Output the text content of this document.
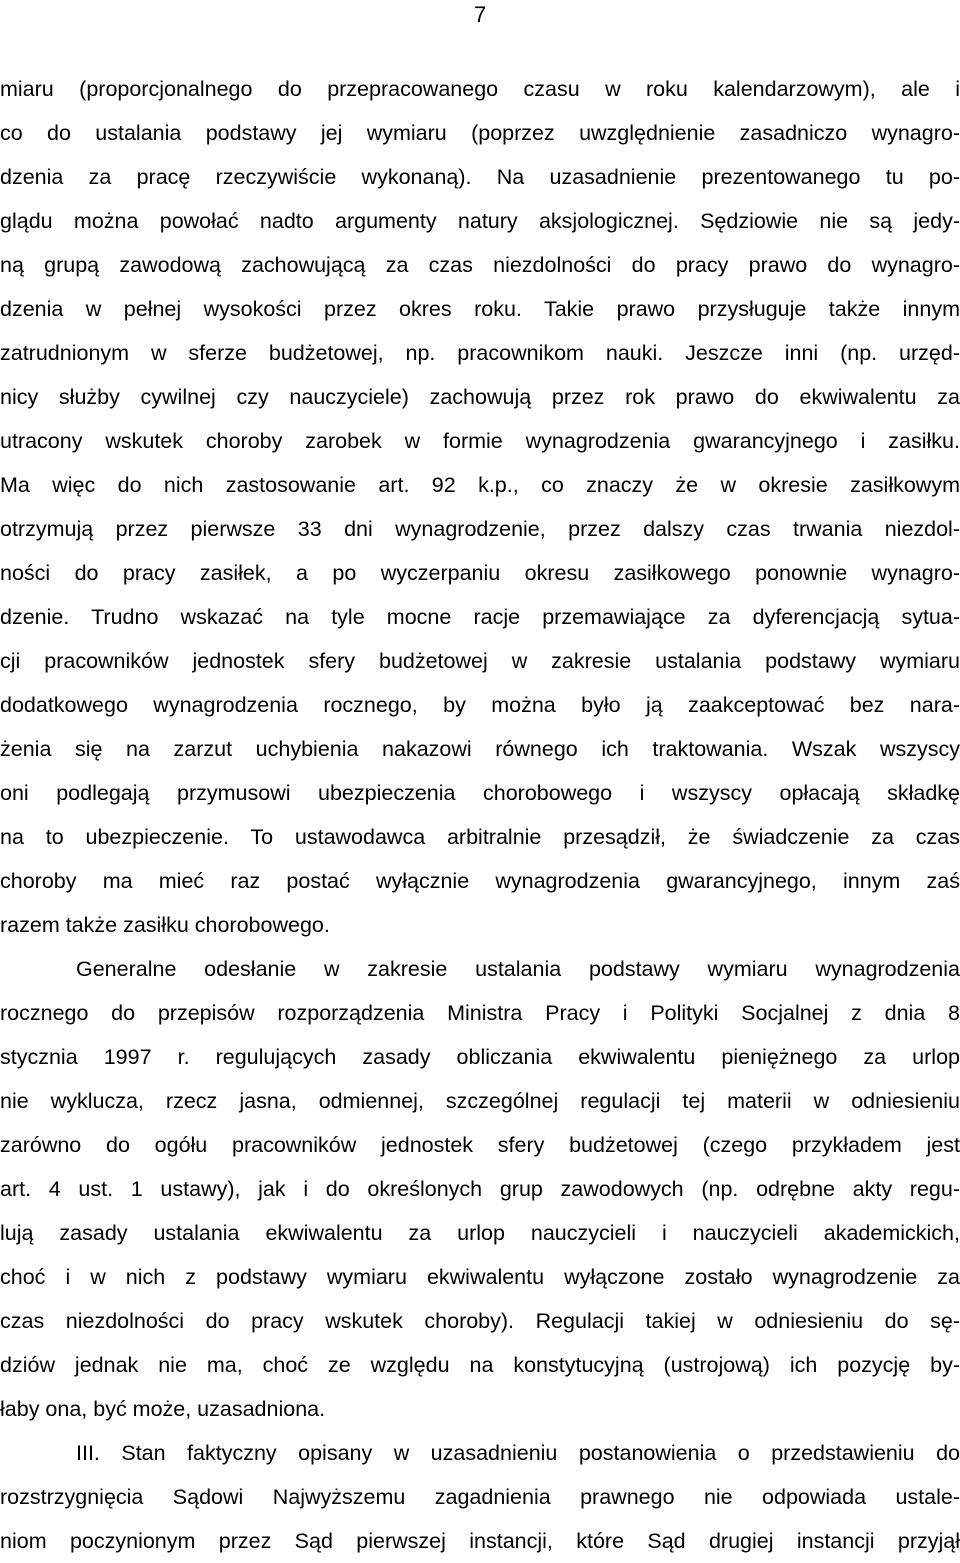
7
miaru (proporcjonalnego do przepracowanego czasu w roku kalendarzowym), ale i
co do ustalania podstawy jej wymiaru (poprzez uwzględnienie zasadniczo wynagro-
dzenia za pracę rzeczywiście wykonaną). Na uzasadnienie prezentowanego tu po-
glądu można powołać nadto argumenty natury aksjologicznej. Sędziowie nie są jedy-
ną grupą zawodową zachowującą za czas niezdolności do pracy prawo do wynagro-
dzenia w pełnej wysokości przez okres roku. Takie prawo przysługuje także innym
zatrudnionym w sferze budżetowej, np. pracownikom nauki. Jeszcze inni (np. urzęd-
nicy służby cywilnej czy nauczyciele) zachowują przez rok prawo do ekwiwalentu za
utracony wskutek choroby zarobek w formie wynagrodzenia gwarancyjnego i zasiłku.
Ma więc do nich zastosowanie art. 92 k.p., co znaczy że w okresie zasiłkowym
otrzymują przez pierwsze 33 dni wynagrodzenie, przez dalszy czas trwania niezdol-
ności do pracy zasiłek, a po wyczerpaniu okresu zasiłkowego ponownie wynagro-
dzenie. Trudno wskazać na tyle mocne racje przemawiające za dyferencjacją sytua-
cji pracowników jednostek sfery budżetowej w zakresie ustalania podstawy wymiaru
dodatkowego wynagrodzenia rocznego, by można było ją zaakceptować bez nara-
żenia się na zarzut uchybienia nakazowi równego ich traktowania. Wszak wszyscy
oni podlegają przymusowi ubezpieczenia chorobowego i wszyscy opłacają składkę
na to ubezpieczenie. To ustawodawca arbitralnie przesądził, że świadczenie za czas
choroby ma mieć raz postać wyłącznie wynagrodzenia gwarancyjnego, innym zaś
razem także zasiłku chorobowego.
Generalne odesłanie w zakresie ustalania podstawy wymiaru wynagrodzenia
rocznego do przepisów rozporządzenia Ministra Pracy i Polityki Socjalnej z dnia 8
stycznia 1997 r. regulujących zasady obliczania ekwiwalentu pieniężnego za urlop
nie wyklucza, rzecz jasna, odmiennej, szczególnej regulacji tej materii w odniesieniu
zarówno do ogółu pracowników jednostek sfery budżetowej (czego przykładem jest
art. 4 ust. 1 ustawy), jak i do określonych grup zawodowych (np. odrębne akty regu-
lują zasady ustalania ekwiwalentu za urlop nauczycieli i nauczycieli akademickich,
choć i w nich z podstawy wymiaru ekwiwalentu wyłączone zostało wynagrodzenie za
czas niezdolności do pracy wskutek choroby). Regulacji takiej w odniesieniu do sę-
dziów jednak nie ma, choć ze względu na konstytucyjną (ustrojową) ich pozycję by-
łaby ona, być może, uzasadniona.
III. Stan faktyczny opisany w uzasadnieniu postanowienia o przedstawieniu do
rozstrzygnięcia Sądowi Najwyższemu zagadnienia prawnego nie odpowiada ustale-
niom poczynionym przez Sąd pierwszej instancji, które Sąd drugiej instancji przyjął
